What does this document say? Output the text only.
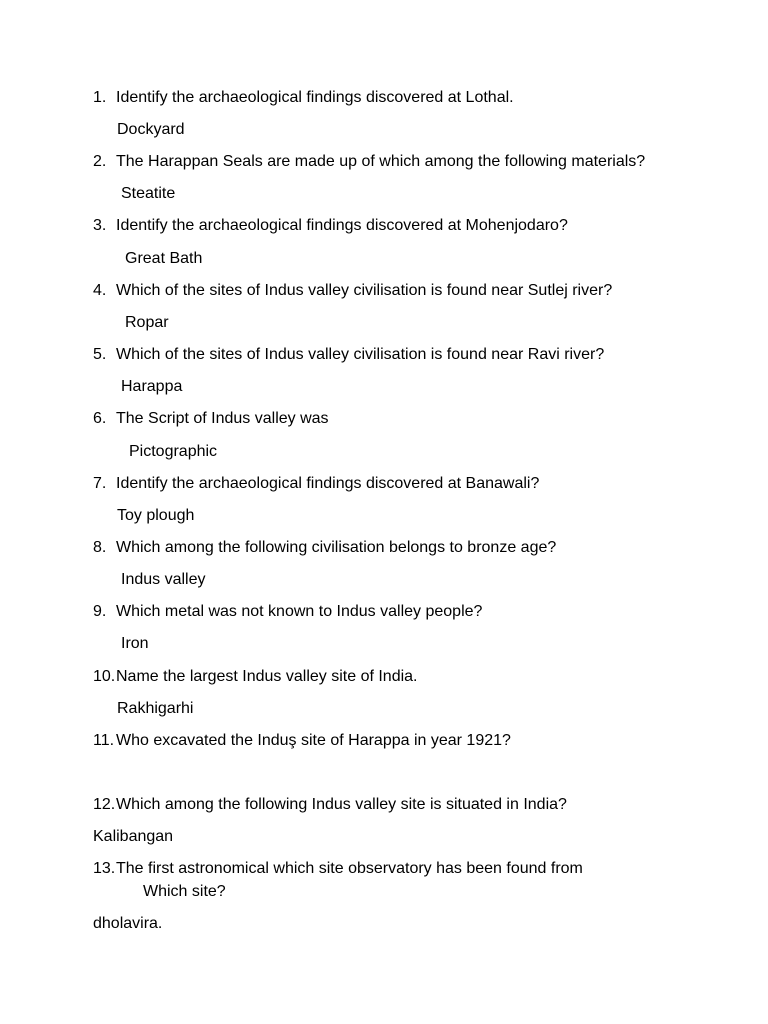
1. Identify the archaeological findings discovered at Lothal.
Dockyard
2. The Harappan Seals are made up of which among the following materials?
Steatite
3. Identify the archaeological findings discovered at Mohenjodaro?
Great Bath
4. Which of the sites of Indus valley civilisation is found near Sutlej river?
Ropar
5. Which of the sites of Indus valley civilisation is found near Ravi river?
Harappa
6. The Script of Indus valley was
Pictographic
7. Identify the archaeological findings discovered at Banawali?
Toy plough
8. Which among the following civilisation belongs to bronze age?
Indus valley
9. Which metal was not known to Indus valley people?
Iron
10. Name the largest Indus valley site of India.
Rakhigarhi
11. Who excavated the Induş site of Harappa in year 1921?
12. Which among the following Indus valley site is situated in India?
Kalibangan
13. The first astronomical which site observatory has been found from
Which site?
dholavira.
